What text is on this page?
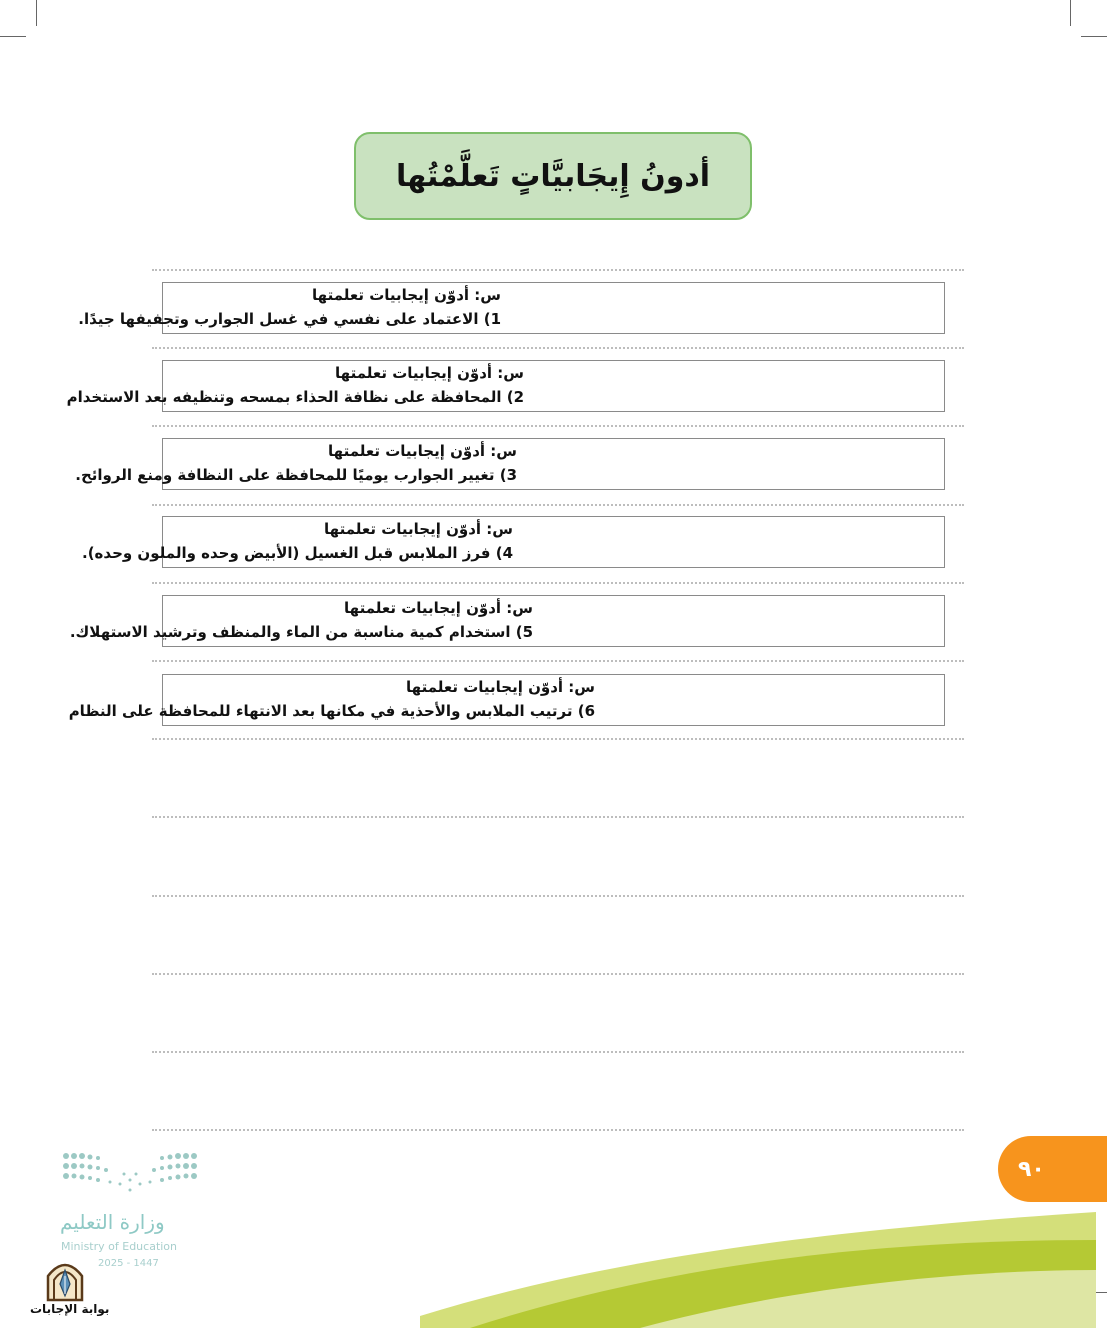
أدونُ إِيجَابيَّاتٍ تَعلَّمْتُها
س: أدوّن إيجابيات تعلمتها
1) الاعتماد على نفسي في غسل الجوارب وتجفيفها جيدًا.
س: أدوّن إيجابيات تعلمتها
2) المحافظة على نظافة الحذاء بمسحه وتنظيفه بعد الاستخدام
س: أدوّن إيجابيات تعلمتها
3) تغيير الجوارب يوميًا للمحافظة على النظافة ومنع الروائح.
س: أدوّن إيجابيات تعلمتها
4) فرز الملابس قبل الغسيل (الأبيض وحده والملون وحده).
س: أدوّن إيجابيات تعلمتها
5) استخدام كمية مناسبة من الماء والمنظف وترشيد الاستهلاك.
س: أدوّن إيجابيات تعلمتها
6) ترتيب الملابس والأحذية في مكانها بعد الانتهاء للمحافظة على النظام
٩٠
وزارة التعليم
Ministry of Education
2025 - 1447
بوابة الإجابات
